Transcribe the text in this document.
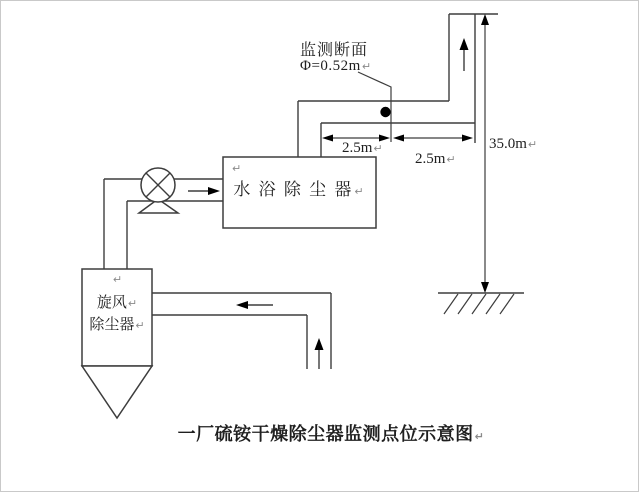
监测断面
Φ=0.52m↵
2.5m↵
2.5m↵
35.0m↵
↵
水 浴 除 尘 器↵
↵
旋风↵
除尘器↵
一厂硫铵干燥除尘器监测点位示意图↵
